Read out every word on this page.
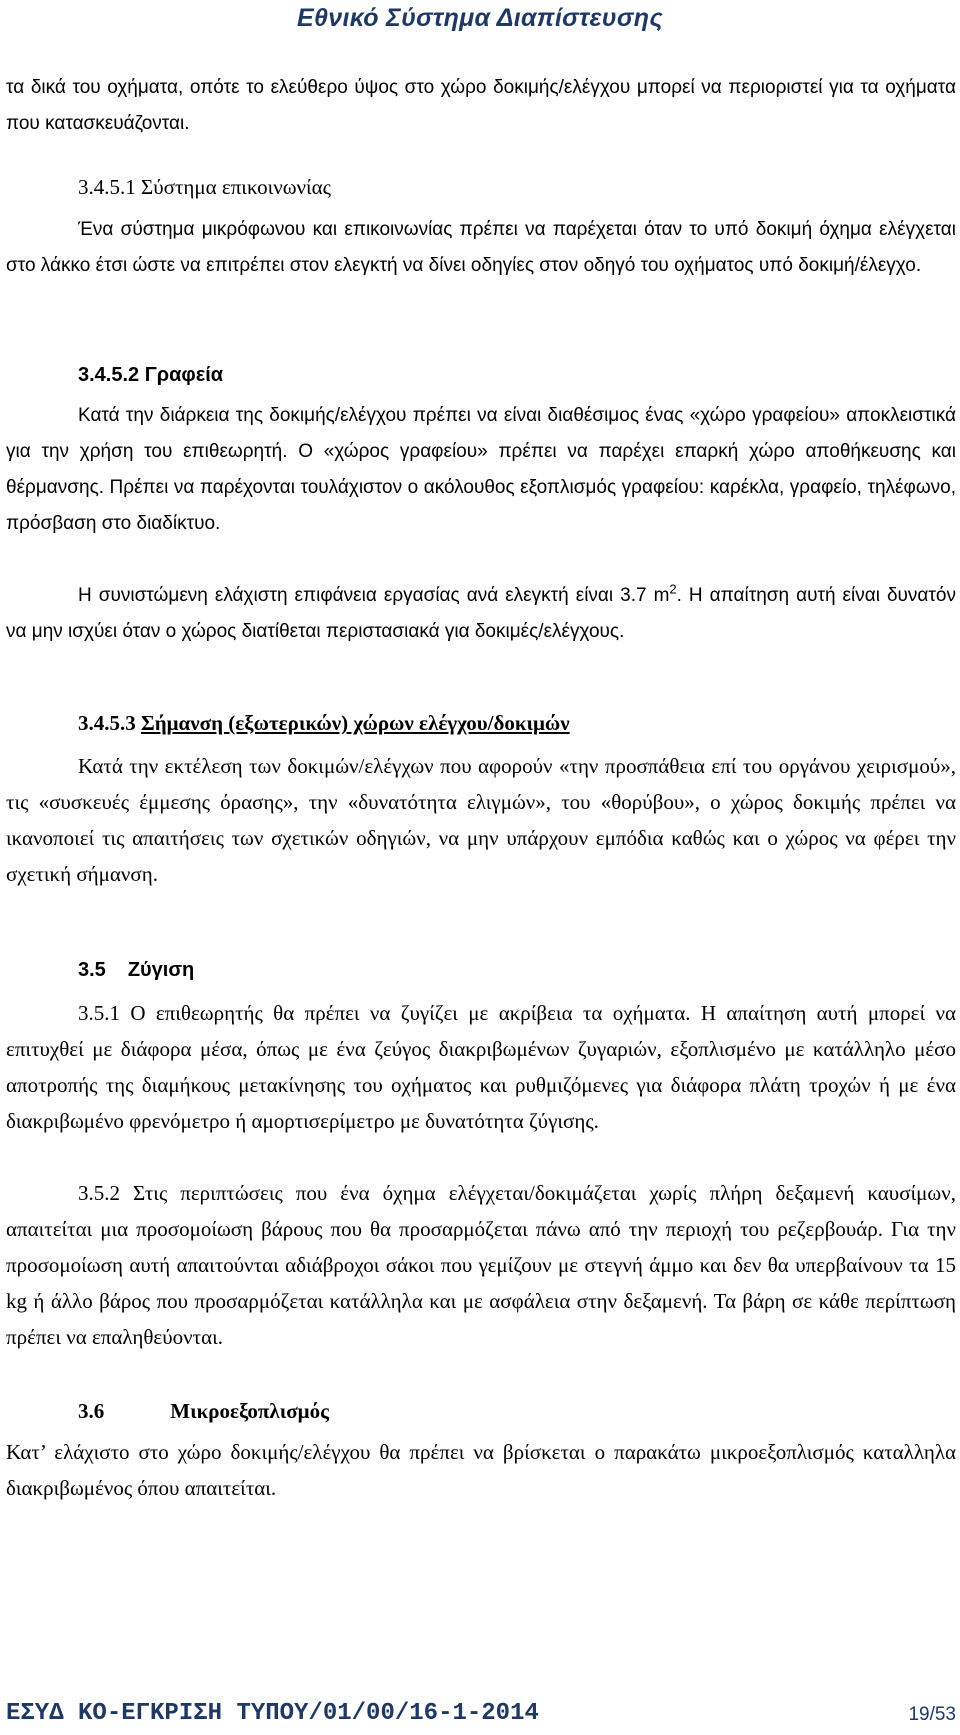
Εθνικό Σύστημα Διαπίστευσης

τα δικά του οχήματα, οπότε το ελεύθερο ύψος στο χώρο δοκιμής/ελέγχου μπορεί να περιοριστεί για τα οχήματα που κατασκευάζονται.

3.4.5.1 Σύστημα επικοινωνίας

Ένα σύστημα μικρόφωνου και επικοινωνίας πρέπει να παρέχεται όταν το υπό δοκιμή όχημα ελέγχεται στο λάκκο έτσι ώστε να επιτρέπει στον ελεγκτή να δίνει οδηγίες στον οδηγό του οχήματος υπό δοκιμή/έλεγχο.

3.4.5.2 Γραφεία

Κατά την διάρκεια της δοκιμής/ελέγχου πρέπει να είναι διαθέσιμος ένας «χώρο γραφείου» αποκλειστικά για την χρήση του επιθεωρητή. Ο «χώρος γραφείου» πρέπει να παρέχει επαρκή χώρο αποθήκευσης και θέρμανσης. Πρέπει να παρέχονται τουλάχιστον ο ακόλουθος εξοπλισμός γραφείου: καρέκλα, γραφείο, τηλέφωνο, πρόσβαση στο διαδίκτυο.

Η συνιστώμενη ελάχιστη επιφάνεια εργασίας ανά ελεγκτή είναι 3.7 $m^2$. Η απαίτηση αυτή είναι δυνατόν να μην ισχύει όταν ο χώρος διατίθεται περιστασιακά για δοκιμές/ελέγχους.

3.4.5.3 Σήμανση (εξωτερικών) χώρων ελέγχου/δοκιμών

Κατά την εκτέλεση των δοκιμών/ελέγχων που αφορούν «την προσπάθεια επί του οργάνου χειρισμού», τις «συσκευές έμμεσης όρασης», την «δυνατότητα ελιγμών», του «θορύβου», ο χώρος δοκιμής πρέπει να ικανοποιεί τις απαιτήσεις των σχετικών οδηγιών, να μην υπάρχουν εμπόδια καθώς και ο χώρος να φέρει την σχετική σήμανση.

3.5 Ζύγιση

3.5.1 Ο επιθεωρητής θα πρέπει να ζυγίζει με ακρίβεια τα οχήματα. Η απαίτηση αυτή μπορεί να επιτυχθεί με διάφορα μέσα, όπως με ένα ζεύγος διακριβωμένων ζυγαριών, εξοπλισμένο με κατάλληλο μέσο αποτροπής της διαμήκους μετακίνησης του οχήματος και ρυθμιζόμενες για διάφορα πλάτη τροχών ή με ένα διακριβωμένο φρενόμετρο ή αμορτισερίμετρο με δυνατότητα ζύγισης.

3.5.2 Στις περιπτώσεις που ένα όχημα ελέγχεται/δοκιμάζεται χωρίς πλήρη δεξαμενή καυσίμων, απαιτείται μια προσομοίωση βάρους που θα προσαρμόζεται πάνω από την περιοχή του ρεζερβουάρ. Για την προσομοίωση αυτή απαιτούνται αδιάβροχοι σάκοι που γεμίζουν με στεγνή άμμο και δεν θα υπερβαίνουν τα 15 kg ή άλλο βάρος που προσαρμόζεται κατάλληλα και με ασφάλεια στην δεξαμενή. Τα βάρη σε κάθε περίπτωση πρέπει να επαληθεύονται.

3.6	Μικροεξοπλισμός

Κατ’ ελάχιστο στο χώρο δοκιμής/ελέγχου θα πρέπει να βρίσκεται ο παρακάτω μικροεξοπλισμός καταλληλα διακριβωμένος όπου απαιτείται.

ΕΣΥΔ ΚΟ-ΕΓΚΡΙΣΗ ΤΥΠΟΥ/01/00/16-1-2014	19/53
